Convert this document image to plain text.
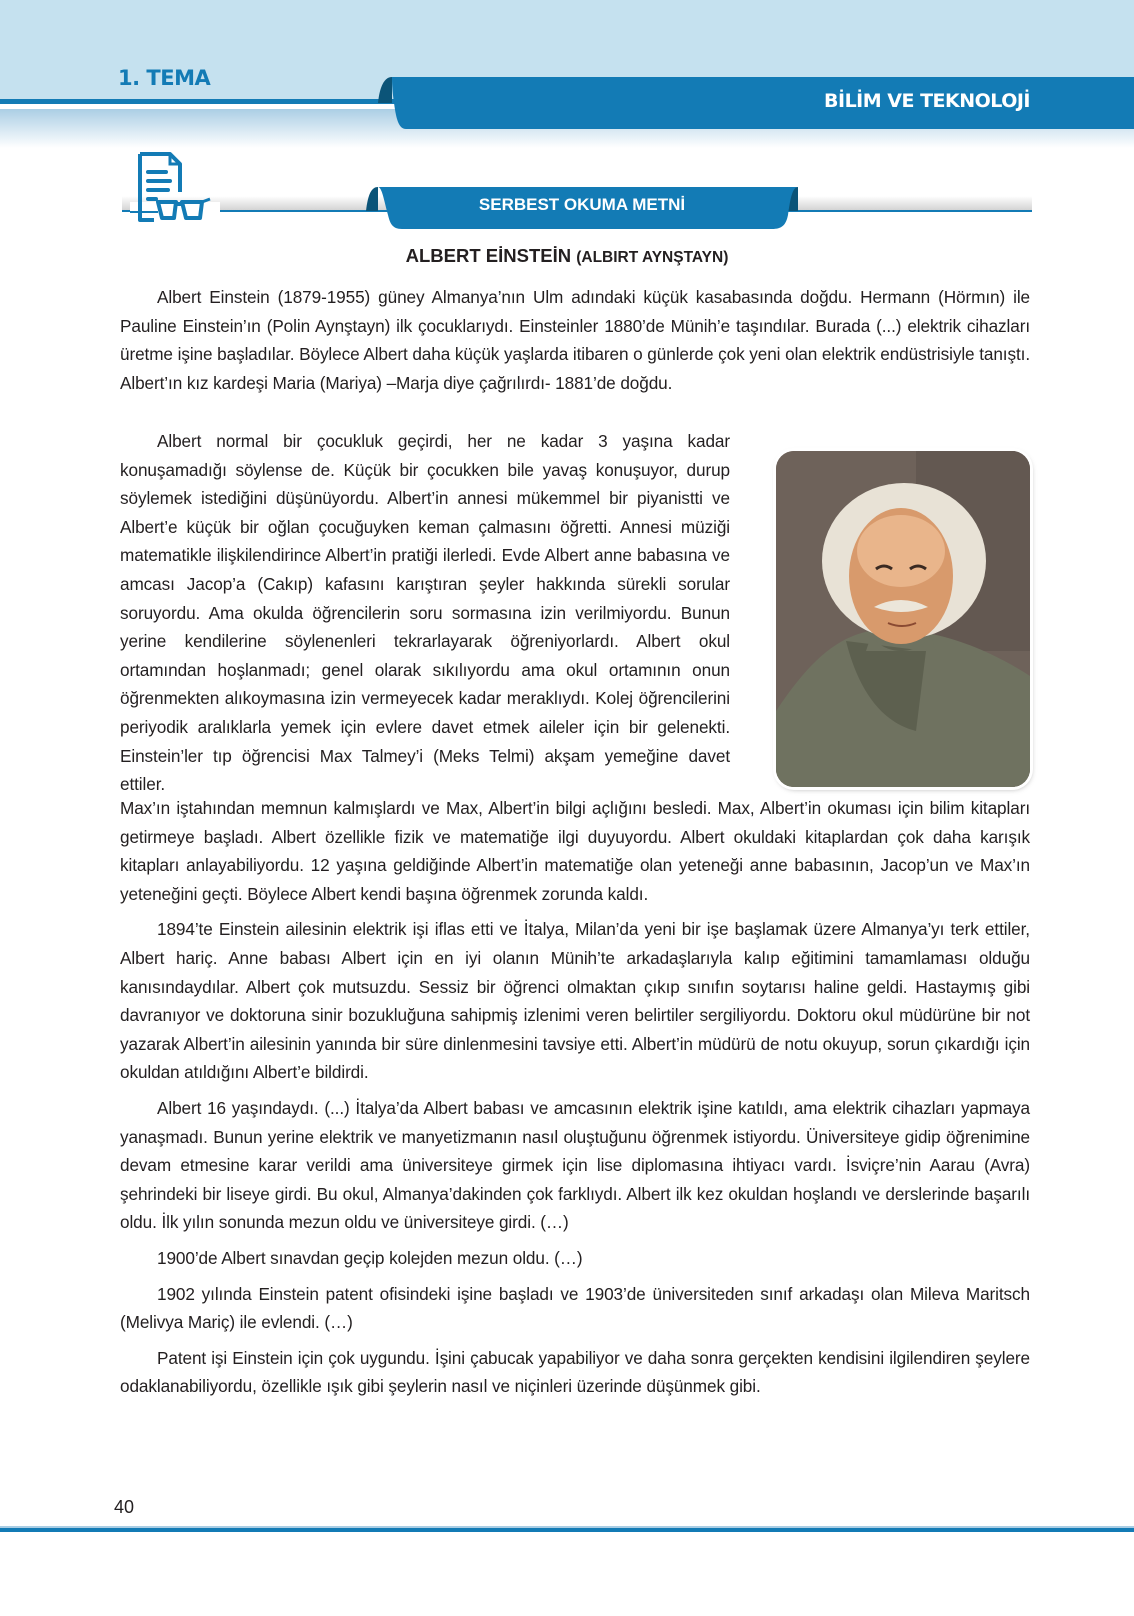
1. TEMA
BİLİM VE TEKNOLOJİ
SERBEST OKUMA METNİ
ALBERT EİNSTEİN (ALBIRT AYNŞTAYN)

Albert Einstein (1879-1955) güney Almanya’nın Ulm adındaki küçük kasabasında doğdu. Hermann (Hörmın) ile Pauline Einstein’ın (Polin Aynştayn) ilk çocuklarıydı. Einsteinler 1880’de Münih’e taşındılar. Burada (...) elektrik cihazları üretme işine başladılar. Böylece Albert daha küçük yaşlarda itibaren o günlerde çok yeni olan elektrik endüstrisiyle tanıştı. Albert’ın kız kardeşi Maria (Mariya) –Marja diye çağrılırdı- 1881’de doğdu.

Albert normal bir çocukluk geçirdi, her ne kadar 3 yaşına kadar konuşamadığı söylense de. Küçük bir çocukken bile yavaş konuşuyor, durup söylemek istediğini düşünüyordu. Albert’in annesi mükemmel bir piyanistti ve Albert’e küçük bir oğlan çocuğuyken keman çalmasını öğretti. Annesi müziği matematikle ilişkilendirince Albert’in pratiği ilerledi. Evde Albert anne babasına ve amcası Jacop’a (Cakıp) kafasını karıştıran şeyler hakkında sürekli sorular soruyordu. Ama okulda öğrencilerin soru sormasına izin verilmiyordu. Bunun yerine kendilerine söylenenleri tekrarlayarak öğreniyorlardı. Albert okul ortamından hoşlanmadı; genel olarak sıkılıyordu ama okul ortamının onun öğrenmekten alıkoymasına izin vermeyecek kadar meraklıydı. Kolej öğrencilerini periyodik aralıklarla yemek için evlere davet etmek aileler için bir gelenekti. Einstein’ler tıp öğrencisi Max Talmey’i (Meks Telmi) akşam yemeğine davet ettiler.

Max’ın iştahından memnun kalmışlardı ve Max, Albert’in bilgi açlığını besledi. Max, Albert’in okuması için bilim kitapları getirmeye başladı. Albert özellikle fizik ve matematiğe ilgi duyuyordu. Albert okuldaki kitaplardan çok daha karışık kitapları anlayabiliyordu. 12 yaşına geldiğinde Albert’in matematiğe olan yeteneği anne babasının, Jacop’un ve Max’ın yeteneğini geçti. Böylece Albert kendi başına öğrenmek zorunda kaldı.

1894’te Einstein ailesinin elektrik işi iflas etti ve İtalya, Milan’da yeni bir işe başlamak üzere Almanya’yı terk ettiler, Albert hariç. Anne babası Albert için en iyi olanın Münih’te arkadaşlarıyla kalıp eğitimini tamamlaması olduğu kanısındaydılar. Albert çok mutsuzdu. Sessiz bir öğrenci olmaktan çıkıp sınıfın soytarısı haline geldi. Hastaymış gibi davranıyor ve doktoruna sinir bozukluğuna sahipmiş izlenimi veren belirtiler sergiliyordu. Doktoru okul müdürüne bir not yazarak Albert’in ailesinin yanında bir süre dinlenmesini tavsiye etti. Albert’in müdürü de notu okuyup, sorun çıkardığı için okuldan atıldığını Albert’e bildirdi.

Albert 16 yaşındaydı. (...) İtalya’da Albert babası ve amcasının elektrik işine katıldı, ama elektrik cihazları yapmaya yanaşmadı. Bunun yerine elektrik ve manyetizmanın nasıl oluştuğunu öğrenmek istiyordu. Üniversiteye gidip öğrenimine devam etmesine karar verildi ama üniversiteye girmek için lise diplomasına ihtiyacı vardı. İsviçre’nin Aarau (Avra) şehrindeki bir liseye girdi. Bu okul, Almanya’dakinden çok farklıydı. Albert ilk kez okuldan hoşlandı ve derslerinde başarılı oldu. İlk yılın sonunda mezun oldu ve üniversiteye girdi. (…)

1900’de Albert sınavdan geçip kolejden mezun oldu. (…)

1902 yılında Einstein patent ofisindeki işine başladı ve 1903’de üniversiteden sınıf arkadaşı olan Mileva Maritsch (Melivya Mariç) ile evlendi. (…)

Patent işi Einstein için çok uygundu. İşini çabucak yapabiliyor ve daha sonra gerçekten kendisini ilgilendiren şeylere odaklanabiliyordu, özellikle ışık gibi şeylerin nasıl ve niçinleri üzerinde düşünmek gibi.

40
